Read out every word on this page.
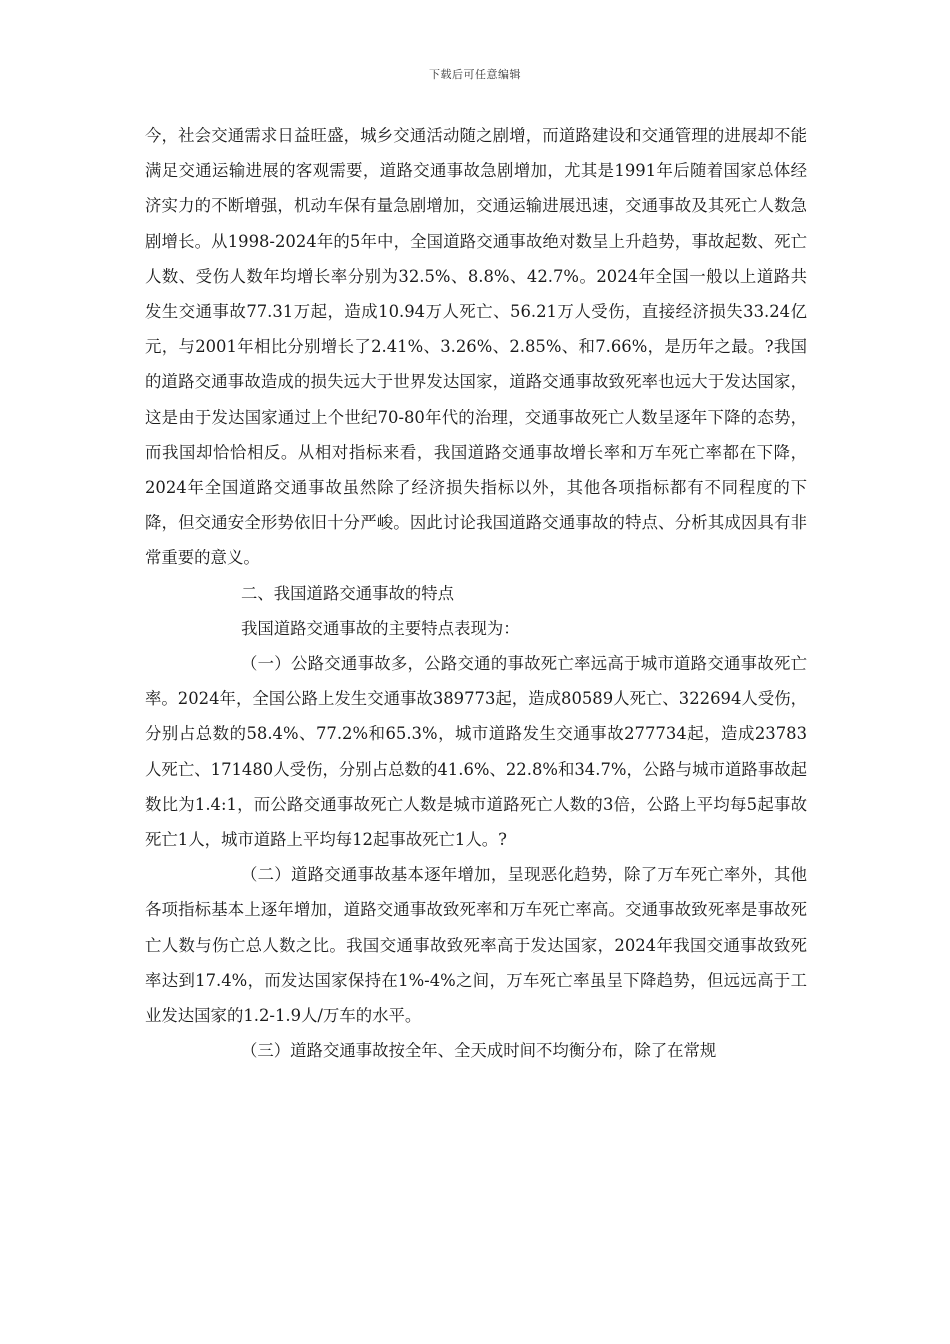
下载后可任意编辑

今，社会交通需求日益旺盛，城乡交通活动随之剧增，而道路建设和交通管理的进展却不能满足交通运输进展的客观需要，道路交通事故急剧增加，尤其是1991年后随着国家总体经济实力的不断增强，机动车保有量急剧增加，交通运输进展迅速，交通事故及其死亡人数急剧增长。从1998-2024年的5年中，全国道路交通事故绝对数呈上升趋势，事故起数、死亡人数、受伤人数年均增长率分别为32.5%、8.8%、42.7%。2024年全国一般以上道路共发生交通事故77.31万起，造成10.94万人死亡、56.21万人受伤，直接经济损失33.24亿元，与2001年相比分别增长了2.41%、3.26%、2.85%、和7.66%，是历年之最。?我国的道路交通事故造成的损失远大于世界发达国家，道路交通事故致死率也远大于发达国家，这是由于发达国家通过上个世纪70-80年代的治理，交通事故死亡人数呈逐年下降的态势，而我国却恰恰相反。从相对指标来看，我国道路交通事故增长率和万车死亡率都在下降，2024年全国道路交通事故虽然除了经济损失指标以外，其他各项指标都有不同程度的下降，但交通安全形势依旧十分严峻。因此讨论我国道路交通事故的特点、分析其成因具有非常重要的意义。

二、我国道路交通事故的特点

我国道路交通事故的主要特点表现为：

（一）公路交通事故多，公路交通的事故死亡率远高于城市道路交通事故死亡率。2024年，全国公路上发生交通事故389773起，造成80589人死亡、322694人受伤，分别占总数的58.4%、77.2%和65.3%，城市道路发生交通事故277734起，造成23783人死亡、171480人受伤，分别占总数的41.6%、22.8%和34.7%，公路与城市道路事故起数比为1.4:1，而公路交通事故死亡人数是城市道路死亡人数的3倍，公路上平均每5起事故死亡1人，城市道路上平均每12起事故死亡1人。?

（二）道路交通事故基本逐年增加，呈现恶化趋势，除了万车死亡率外，其他各项指标基本上逐年增加，道路交通事故致死率和万车死亡率高。交通事故致死率是事故死亡人数与伤亡总人数之比。我国交通事故致死率高于发达国家，2024年我国交通事故致死率达到17.4%，而发达国家保持在1%-4%之间，万车死亡率虽呈下降趋势，但远远高于工业发达国家的1.2-1.9人/万车的水平。

（三）道路交通事故按全年、全天成时间不均衡分布，除了在常规
